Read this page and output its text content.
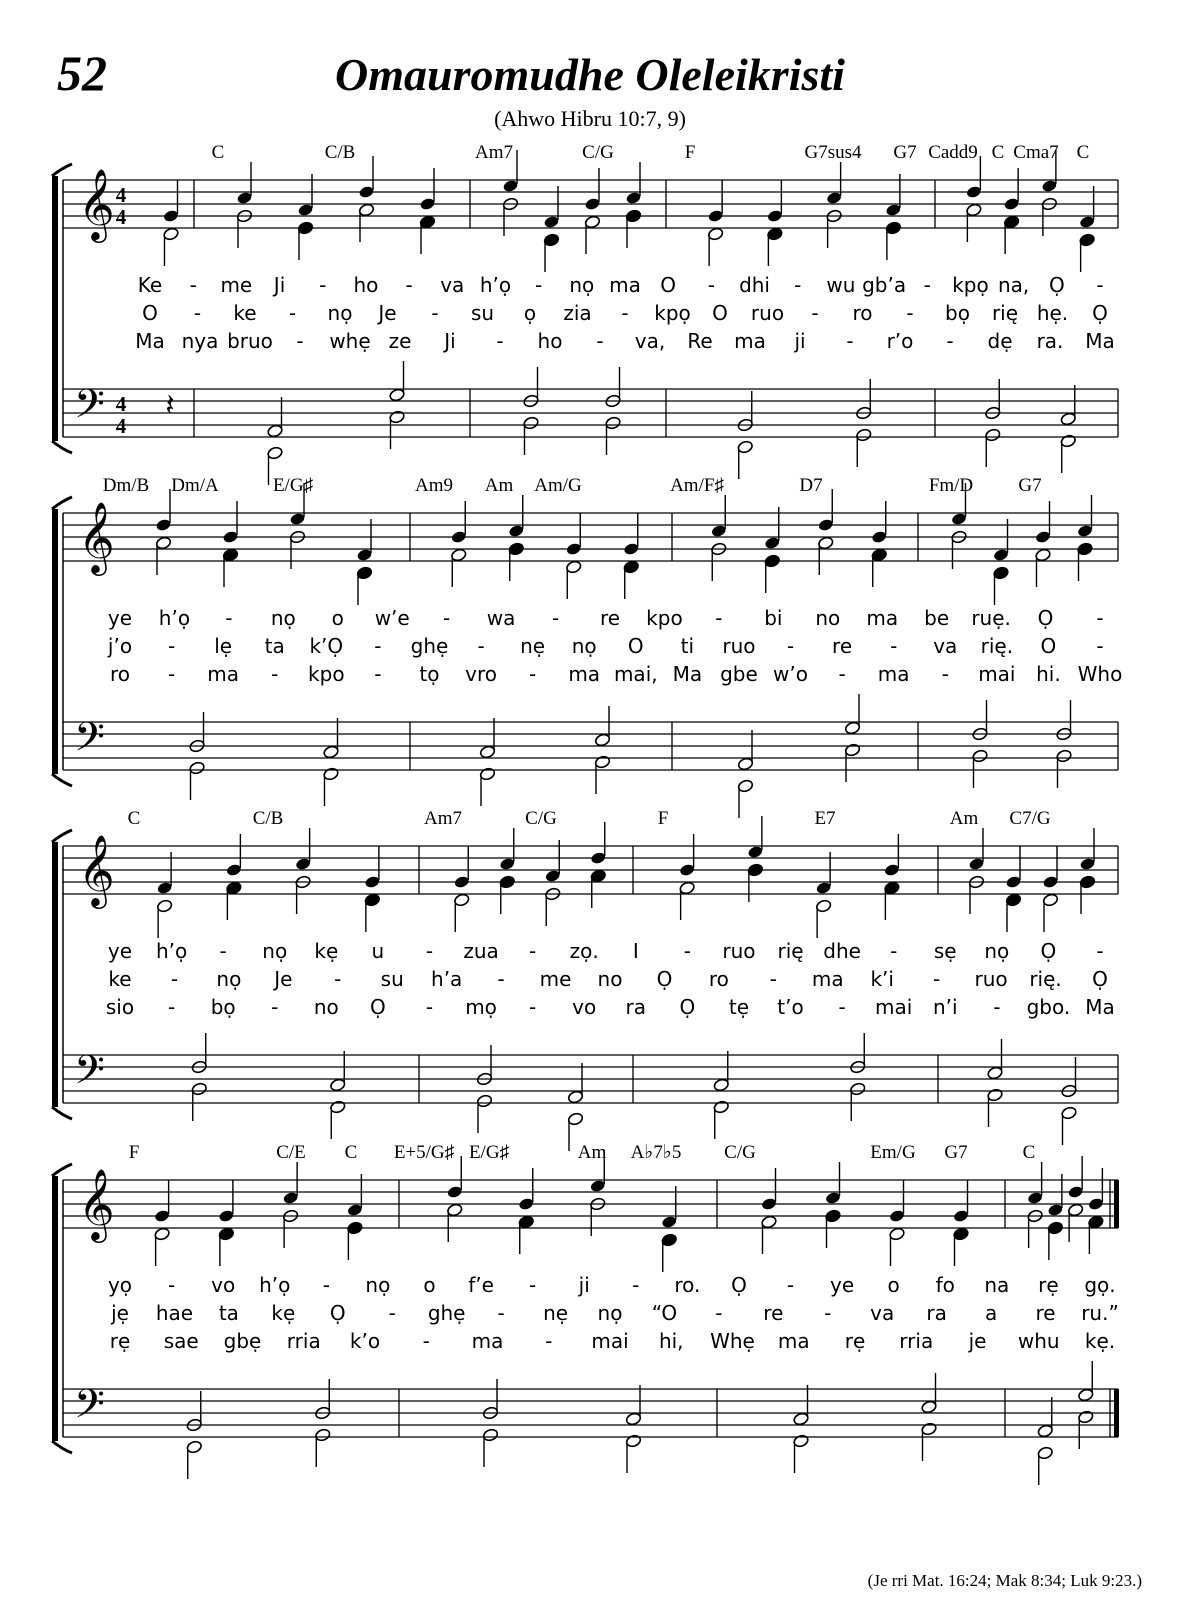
52	Omauromudhe Oleleikristi
(Ahwo Hibru 10:7, 9)
𝄞
𝄢
4
4
4
4
C	C/B	Am7	C/G	F	G7sus4 G7 Cadd9 C Cma7 C
𝄽
Ke - me Ji - ho - va h’ọ - nọ ma O - dhi - wu gb’a - kpọ na, Ọ -
O - ke - nọ Je - su ọ zia - kpọ O ruo - ro - bọ rię hẹ. Ọ
Ma nya bruo - whẹ ze Ji - ho - va, Re ma ji - r’o - dẹ ra. Ma
𝄞
𝄢
Dm/B Dm/A	E/G♯	Am9 Am Am/G	Am/F♯	D7	Fm/D G7
ye h’ọ - nọ o w’e - wa - re kpo - bi no ma be ruẹ. Ọ -
j’o - lẹ ta k’Ọ - ghẹ - nẹ nọ O ti ruo - re - va rię. O -
ro - ma - kpo - tọ vro - ma mai, Ma gbe w’o - ma - mai hi. Who
𝄞
𝄢
C	C/B	Am7	C/G	F	E7	Am C7/G
ye h’ọ - nọ kẹ u - zua - zọ. I - ruo rię dhe - sẹ nọ Ọ -
ke - nọ Je - su h’a - me no Ọ ro - ma k’i - ruo rię. Ọ
sio - bọ - no Ọ - mọ - vo ra Ọ tẹ t’o - mai n’i - gbo. Ma
𝄞
𝄢
F	C/E C E+5/G♯ E/G♯	Am A♭7♭5 C/G	Em/G G7	C
yọ - vo h’ọ - nọ o f’e - ji - ro. Ọ - ye o fo na rẹ gọ.
jẹ hae ta kẹ Ọ - ghẹ - nẹ nọ “O - re - va ra a re ru.”
rẹ sae gbẹ rria k’o - ma - mai hi, Whẹ ma rẹ rria je whu kẹ.
(Je rri Mat. 16:24; Mak 8:34; Luk 9:23.)
